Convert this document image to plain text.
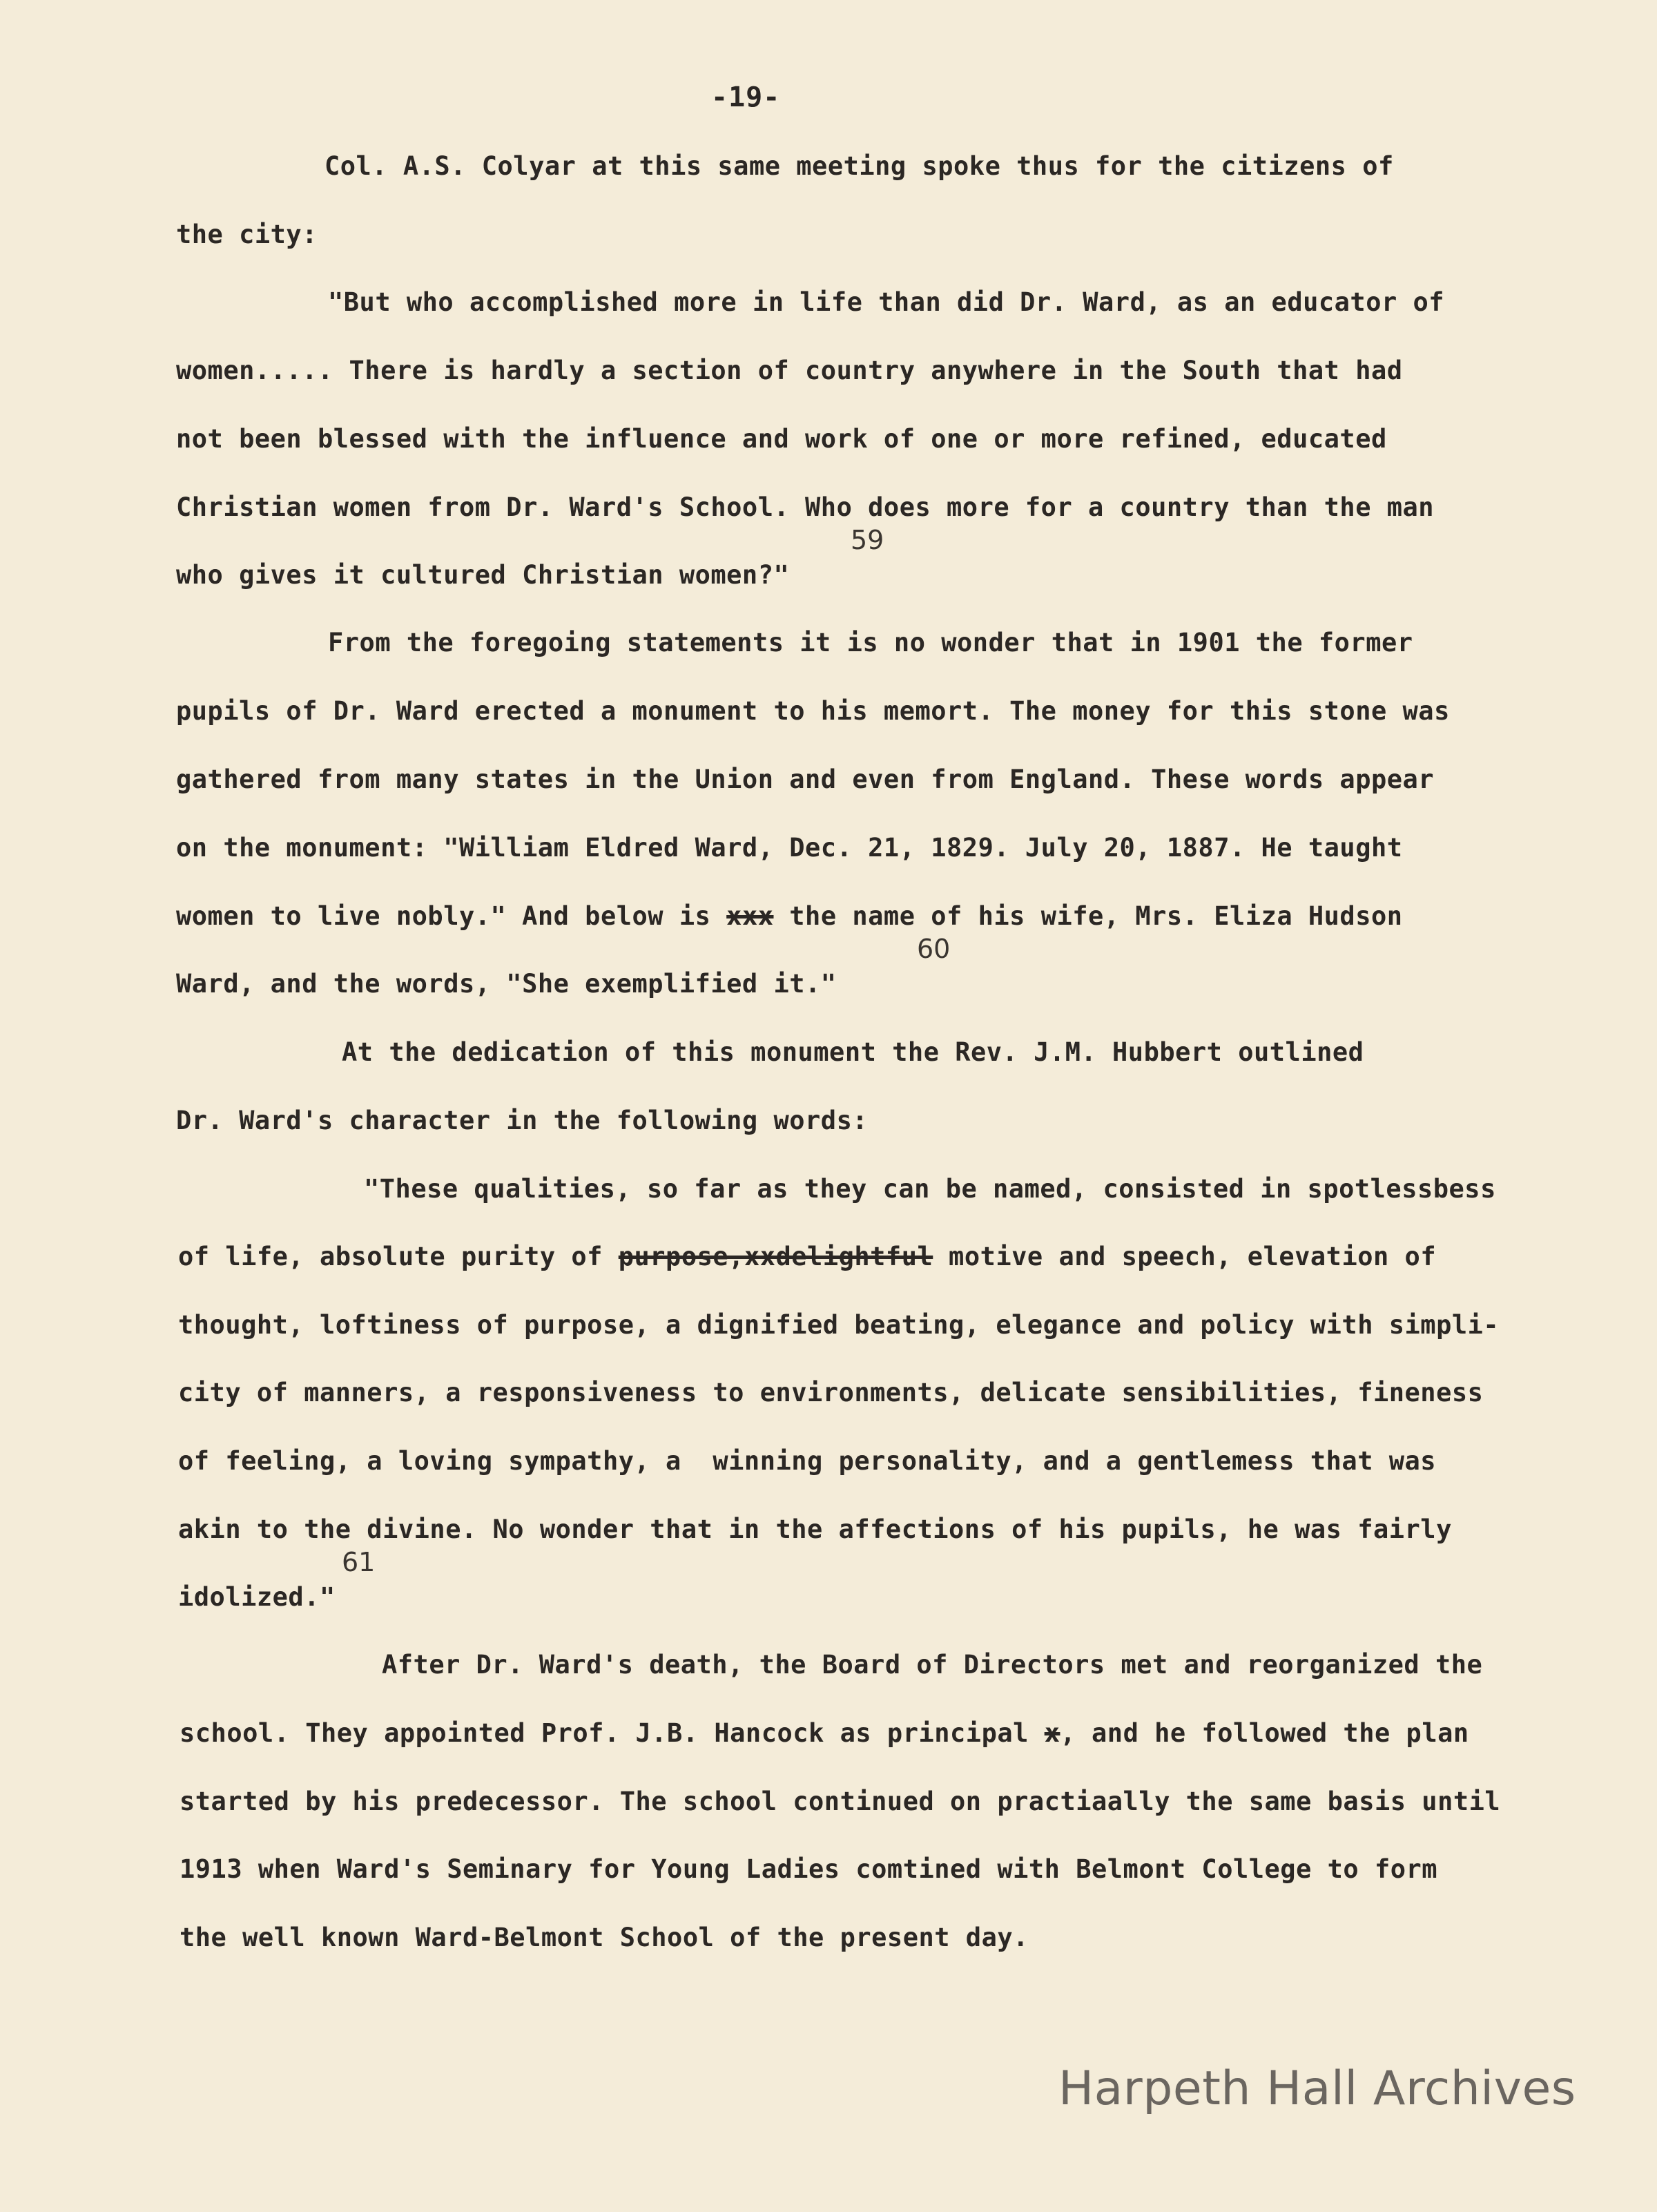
-19-
Col. A.S. Colyar at this same meeting spoke thus for the citizens of
the city:
"But who accomplished more in life than did Dr. Ward, as an educator of
women..... There is hardly a section of country anywhere in the South that had
not been blessed with the influence and work of one or more refined, educated
Christian women from Dr. Ward's School. Who does more for a country than the man
59
who gives it cultured Christian women?"
From the foregoing statements it is no wonder that in 1901 the former
pupils of Dr. Ward erected a monument to his memort. The money for this stone was
gathered from many states in the Union and even from England. These words appear
on the monument: "William Eldred Ward, Dec. 21, 1829. July 20, 1887. He taught
women to live nobly." And below is xxx the name of his wife, Mrs. Eliza Hudson
60
Ward, and the words, "She exemplified it."
At the dedication of this monument the Rev. J.M. Hubbert outlined
Dr. Ward's character in the following words:
"These qualities, so far as they can be named, consisted in spotlessbess
of life, absolute purity of purpose,xxdelightful motive and speech, elevation of
thought, loftiness of purpose, a dignified beating, elegance and policy with simpli-
city of manners, a responsiveness to environments, delicate sensibilities, fineness
of feeling, a loving sympathy, a  winning personality, and a gentlemess that was
akin to the divine. No wonder that in the affections of his pupils, he was fairly
61
idolized."
After Dr. Ward's death, the Board of Directors met and reorganized the
school. They appointed Prof. J.B. Hancock as principal x, and he followed the plan
started by his predecessor. The school continued on practiaally the same basis until
1913 when Ward's Seminary for Young Ladies comtined with Belmont College to form
the well known Ward-Belmont School of the present day.
Harpeth Hall Archives
